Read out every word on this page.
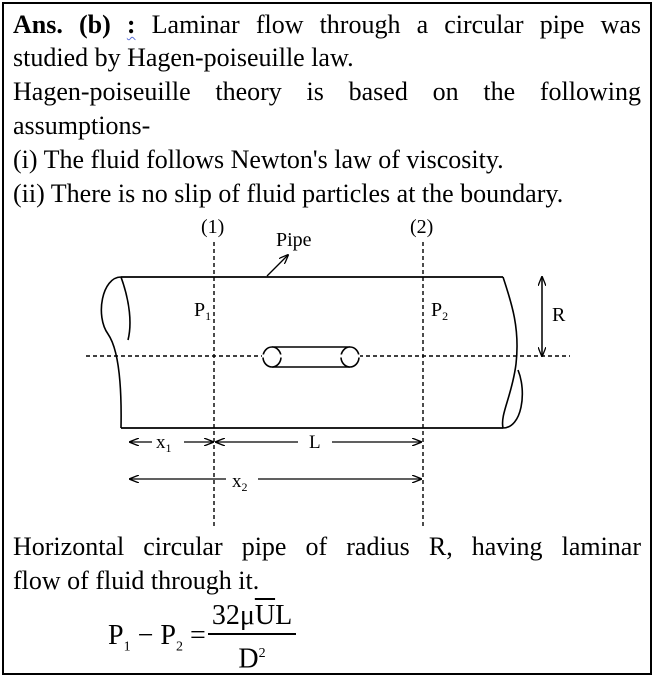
Ans. (b) : Laminar flow through a circular pipe was
studied by Hagen-poiseuille law.
Hagen-poiseuille theory is based on the following
assumptions-
(i) The fluid follows Newton's law of viscosity.
(ii) There is no slip of fluid particles at the boundary.
(1)	(2)
Pipe
$P_1$	$P_2$	R
$x_1$	L
$x_2$
Horizontal circular pipe of radius R, having laminar
flow of fluid through it.
$P_1 - P_2$ =
$32\mu\overline{U}L$
$D^2$
